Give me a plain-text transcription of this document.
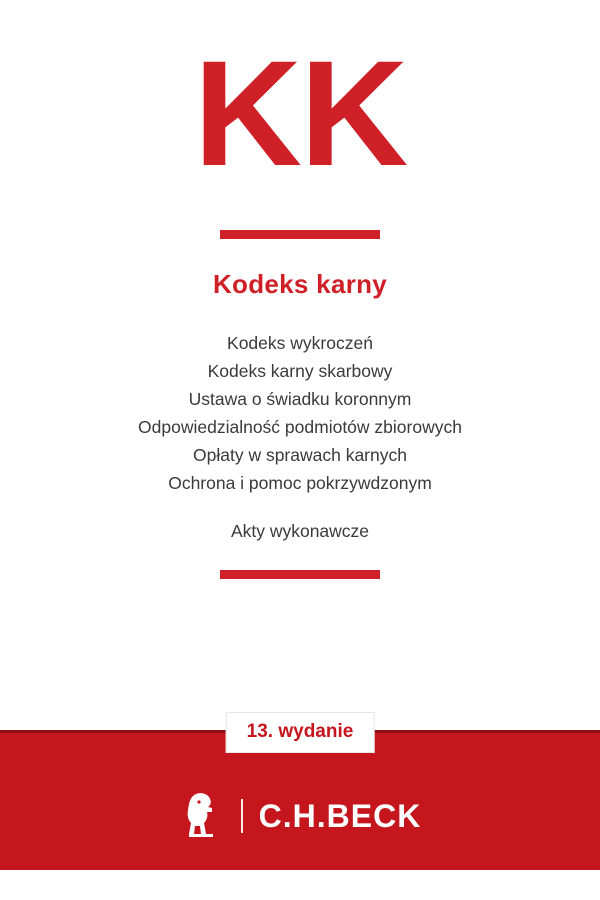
KK
Kodeks karny
Kodeks wykroczeń
Kodeks karny skarbowy
Ustawa o świadku koronnym
Odpowiedzialność podmiotów zbiorowych
Opłaty w sprawach karnych
Ochrona i pomoc pokrzywdzonym
Akty wykonawcze
13. wydanie
C.H.BECK
